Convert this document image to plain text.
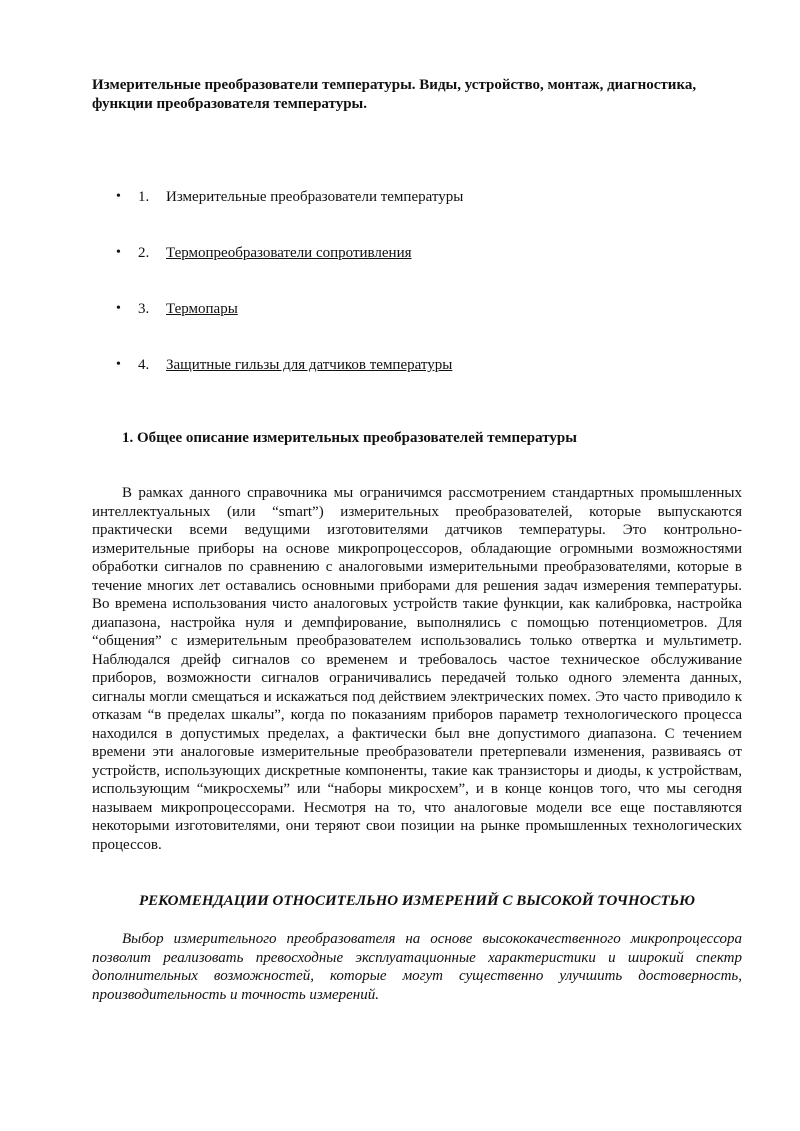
Измерительные преобразователи температуры. Виды, устройство, монтаж, диагностика, функции преобразователя температуры.
• 1. Измерительные преобразователи температуры
• 2. Термопреобразователи сопротивления
• 3. Термопары
• 4. Защитные гильзы для датчиков температуры
1. Общее описание измерительных преобразователей температуры

В рамках данного справочника мы ограничимся рассмотрением стандартных промышленных интеллектуальных (или “smart”) измерительных преобразователей, которые выпускаются практически всеми ведущими изготовителями датчиков температуры. Это контрольно-измерительные приборы на основе микропроцессоров, обладающие огромными возможностями обработки сигналов по сравнению с аналоговыми измерительными преобразователями, которые в течение многих лет оставались основными приборами для решения задач измерения температуры. Во времена использования чисто аналоговых устройств такие функции, как калибровка, настройка диапазона, настройка нуля и демпфирование, выполнялись с помощью потенциометров. Для “общения” с измерительным преобразователем использовались только отвертка и мультиметр. Наблюдался дрейф сигналов со временем и требовалось частое техническое обслуживание приборов, возможности сигналов ограничивались передачей только одного элемента данных, сигналы могли смещаться и искажаться под действием электрических помех. Это часто приводило к отказам “в пределах шкалы”, когда по показаниям приборов параметр технологического процесса находился в допустимых пределах, а фактически был вне допустимого диапазона. С течением времени эти аналоговые измерительные преобразователи претерпевали изменения, развиваясь от устройств, использующих дискретные компоненты, такие как транзисторы и диоды, к устройствам, использующим “микросхемы” или “наборы микросхем”, и в конце концов того, что мы сегодня называем микропроцессорами. Несмотря на то, что аналоговые модели все еще поставляются некоторыми изготовителями, они теряют свои позиции на рынке промышленных технологических процессов.

РЕКОМЕНДАЦИИ ОТНОСИТЕЛЬНО ИЗМЕРЕНИЙ С ВЫСОКОЙ ТОЧНОСТЬЮ

Выбор измерительного преобразователя на основе высококачественного микропроцессора позволит реализовать превосходные эксплуатационные характеристики и широкий спектр дополнительных возможностей, которые могут существенно улучшить достоверность, производительность и точность измерений.
